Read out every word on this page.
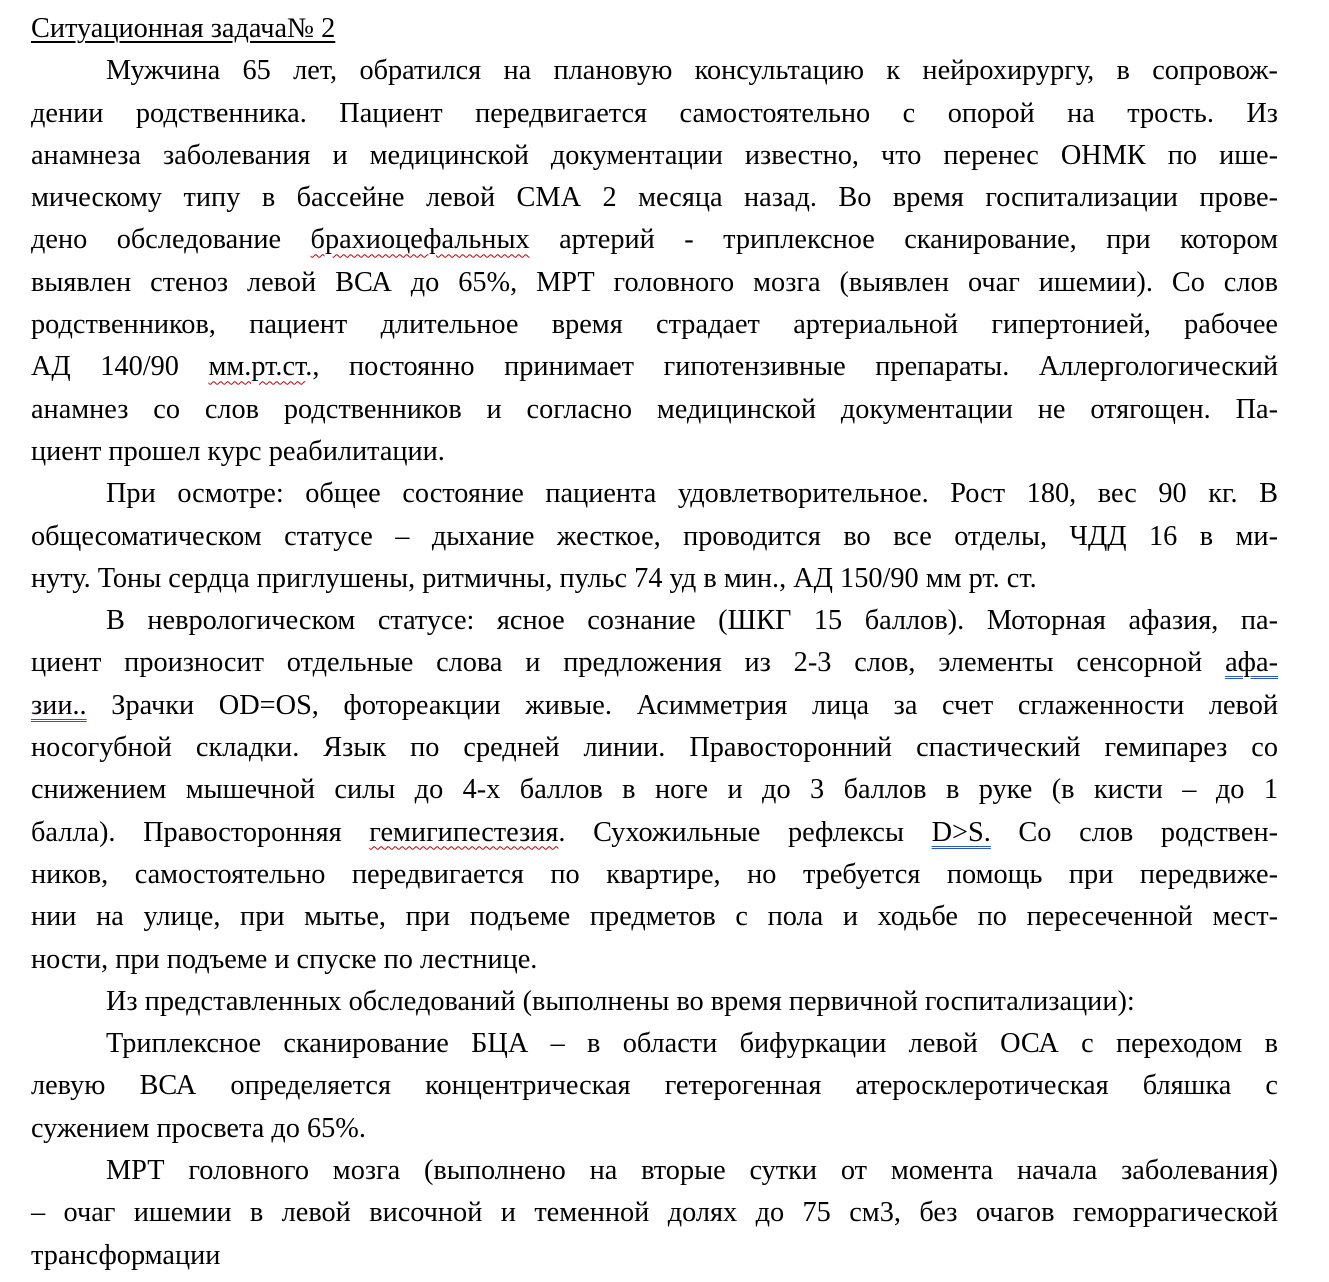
Ситуационная задача№ 2
Мужчина 65 лет, обратился на плановую консультацию к нейрохирургу, в сопровож-
дении родственника. Пациент передвигается самостоятельно с опорой на трость. Из
анамнеза заболевания и медицинской документации известно, что перенес ОНМК по ише-
мическому типу в бассейне левой СМА 2 месяца назад. Во время госпитализации прове-
дено обследование брахиоцефальных артерий - триплексное сканирование, при котором
выявлен стеноз левой ВСА до 65%, МРТ головного мозга (выявлен очаг ишемии). Со слов
родственников, пациент длительное время страдает артериальной гипертонией, рабочее
АД 140/90 мм.рт.ст., постоянно принимает гипотензивные препараты. Аллергологический
анамнез со слов родственников и согласно медицинской документации не отягощен. Па-
циент прошел курс реабилитации.
При осмотре: общее состояние пациента удовлетворительное. Рост 180, вес 90 кг. В
общесоматическом статусе – дыхание жесткое, проводится во все отделы, ЧДД 16 в ми-
нуту. Тоны сердца приглушены, ритмичны, пульс 74 уд в мин., АД 150/90 мм рт. ст.
В неврологическом статусе: ясное сознание (ШКГ 15 баллов). Моторная афазия, па-
циент произносит отдельные слова и предложения из 2-3 слов, элементы сенсорной афа-
зии.. Зрачки OD=OS, фотореакции живые. Асимметрия лица за счет сглаженности левой
носогубной складки. Язык по средней линии. Правосторонний спастический гемипарез со
снижением мышечной силы до 4-х баллов в ноге и до 3 баллов в руке (в кисти – до 1
балла). Правосторонняя гемигипестезия. Сухожильные рефлексы D>S. Со слов родствен-
ников, самостоятельно передвигается по квартире, но требуется помощь при передвиже-
нии на улице, при мытье, при подъеме предметов с пола и ходьбе по пересеченной мест-
ности, при подъеме и спуске по лестнице.
Из представленных обследований (выполнены во время первичной госпитализации):
Триплексное сканирование БЦА – в области бифуркации левой ОСА с переходом в
левую ВСА определяется концентрическая гетерогенная атеросклеротическая бляшка с
сужением просвета до 65%.
МРТ головного мозга (выполнено на вторые сутки от момента начала заболевания)
– очаг ишемии в левой височной и теменной долях до 75 см3, без очагов геморрагической
трансформации
